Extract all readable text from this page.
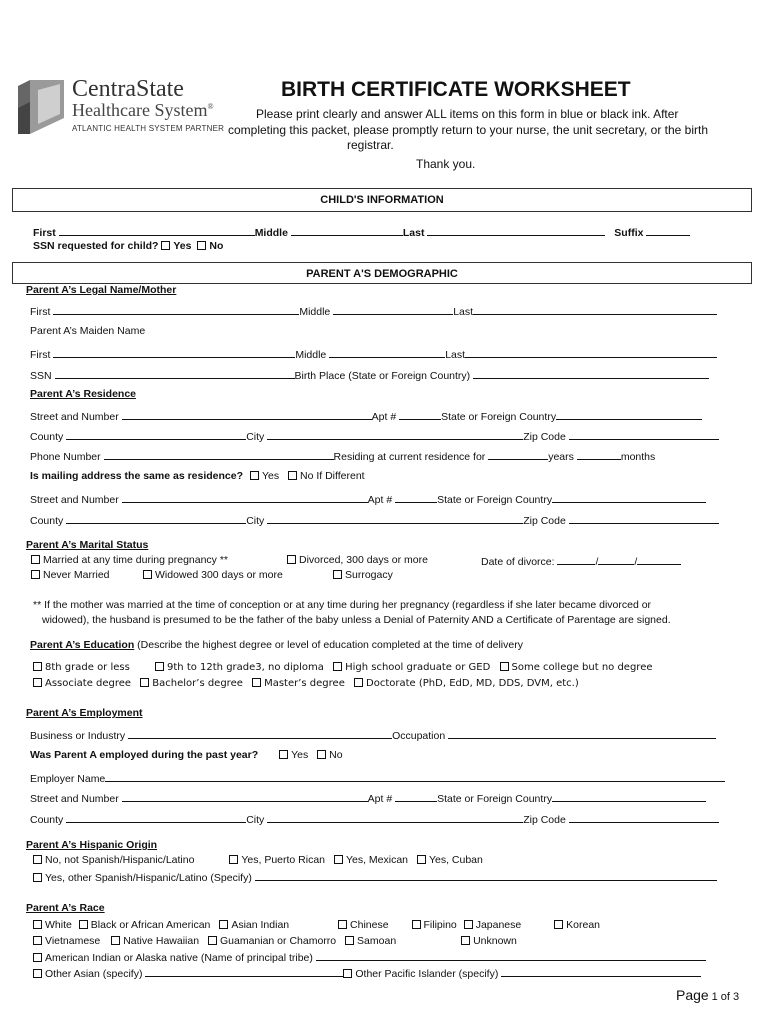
CentraState
Healthcare System®
ATLANTIC HEALTH SYSTEM PARTNER
BIRTH CERTIFICATE WORKSHEET
Please print clearly and answer ALL items on this form in blue or black ink. After
completing this packet, please promptly return to your nurse, the unit secretary, or the birth
registrar.
Thank you.
CHILD'S INFORMATION
First	Middle	Last	Suffix
SSN requested for child? Yes No
PARENT A'S DEMOGRAPHIC
Parent A’s Legal Name/Mother
First	Middle	Last
Parent A’s Maiden Name
First	Middle	Last
SSN	Birth Place (State or Foreign Country)
Parent A’s Residence
Street and Number	Apt #	State or Foreign Country
County	City	Zip Code
Phone Number	Residing at current residence for	years	months
Is mailing address the same as residence? Yes No If Different
Street and Number	Apt #	State or Foreign Country
County	City	Zip Code
Parent A’s Marital Status
Married at any time during pregnancy **	Divorced, 300 days or more	Date of divorce:	/	/
Never Married	Widowed 300 days or more	Surrogacy
** If the mother was married at the time of conception or at any time during her pregnancy (regardless if she later became divorced or
widowed), the husband is presumed to be the father of the baby unless a Denial of Paternity AND a Certificate of Parentage are signed.
Parent A’s Education (Describe the highest degree or level of education completed at the time of delivery
8th grade or less	9th to 12th grade3, no diploma High school graduate or GED Some college but no degree
Associate degree Bachelor’s degree Master’s degree Doctorate (PhD, EdD, MD, DDS, DVM, etc.)
Parent A’s Employment
Business or Industry	Occupation
Was Parent A employed during the past year?	Yes No
Employer Name
Street and Number	Apt #	State or Foreign Country
County	City	Zip Code
Parent A’s Hispanic Origin
No, not Spanish/Hispanic/Latino	Yes, Puerto Rican Yes, Mexican Yes, Cuban
Yes, other Spanish/Hispanic/Latino (Specify)
Parent A’s Race
White Black or African American Asian Indian	Chinese	Filipino Japanese	Korean
Vietnamese Native Hawaiian Guamanian or Chamorro Samoan	Unknown
American Indian or Alaska native (Name of principal tribe)
Other Asian (specify)	Other Pacific Islander (specify)
Page 1 of 3
